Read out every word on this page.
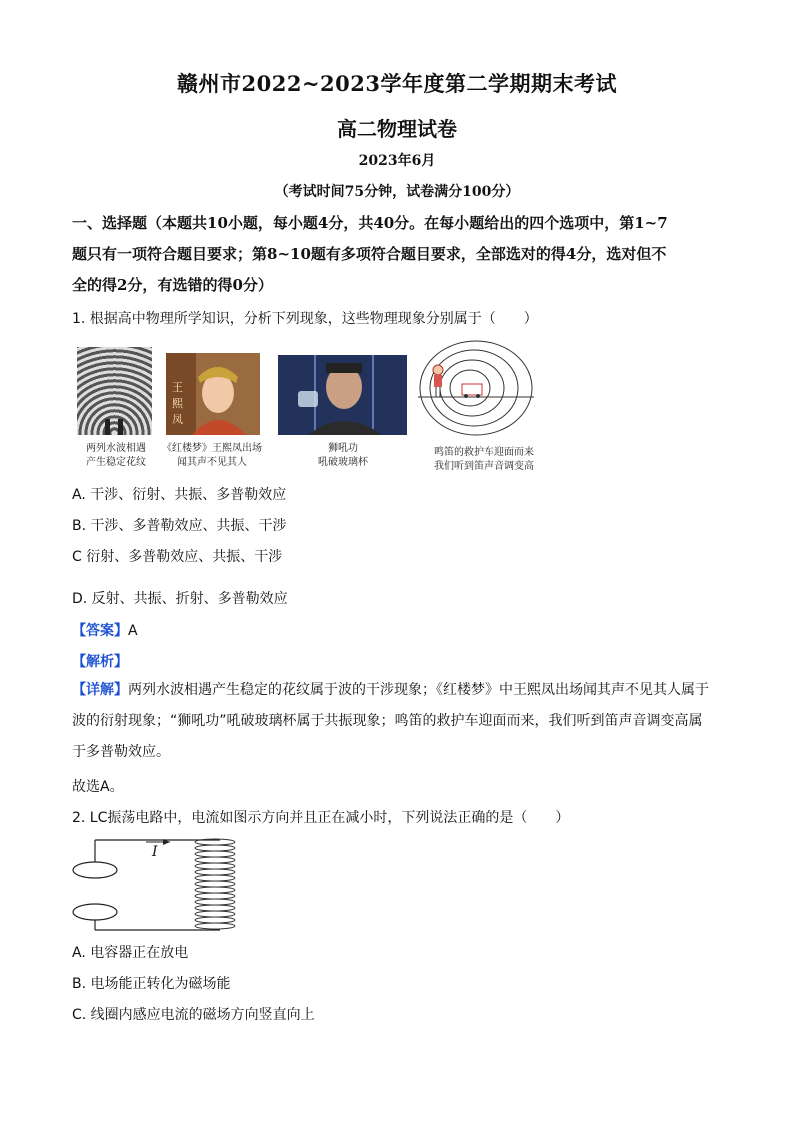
赣州市2022~2023学年度第二学期期末考试
高二物理试卷
2023年6月
（考试时间75分钟，试卷满分100分）
一、选择题（本题共10小题，每小题4分，共40分。在每小题给出的四个选项中，第1~7
题只有一项符合题目要求；第8~10题有多项符合题目要求，全部选对的得4分，选对但不
全的得2分，有选错的得0分）
1. 根据高中物理所学知识，分析下列现象，这些物理现象分别属于（　　）
两列水波相遇
产生稳定花纹
王
熙
凤
《红楼梦》王熙凤出场
闻其声不见其人
狮吼功
吼破玻璃杯
鸣笛的救护车迎面而来
我们听到笛声音调变高
A. 干涉、衍射、共振、多普勒效应
B. 干涉、多普勒效应、共振、干涉
C 衍射、多普勒效应、共振、干涉
D. 反射、共振、折射、多普勒效应
【答案】A
【解析】
【详解】两列水波相遇产生稳定的花纹属于波的干涉现象；《红楼梦》中王熙凤出场闻其声不见其人属于
波的衍射现象；“狮吼功”吼破玻璃杯属于共振现象；鸣笛的救护车迎面而来，我们听到笛声音调变高属
于多普勒效应。
故选A。
2. LC振荡电路中，电流如图示方向并且正在减小时，下列说法正确的是（　　）
I
A. 电容器正在放电
B. 电场能正转化为磁场能
C. 线圈内感应电流的磁场方向竖直向上
